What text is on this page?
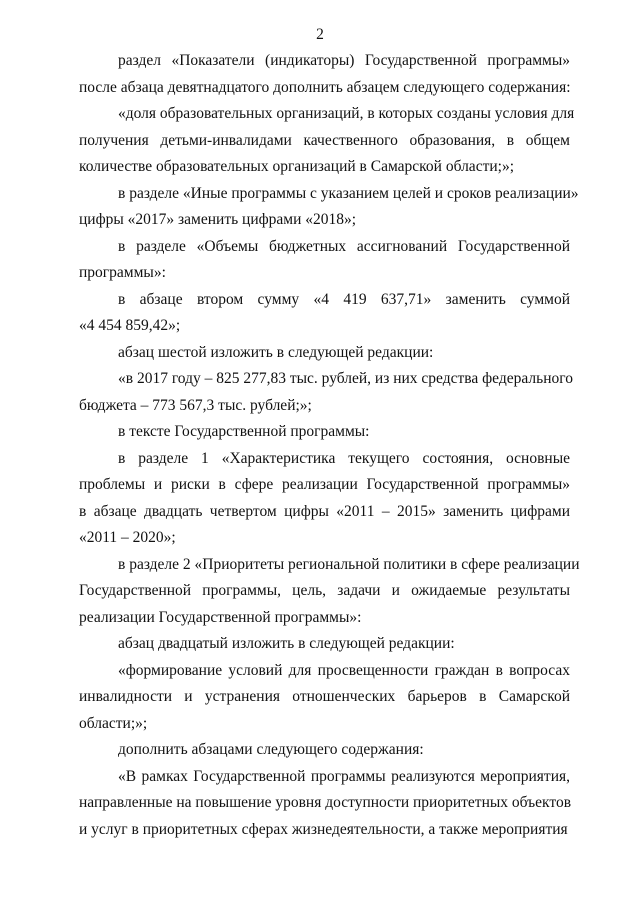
2
раздел «Показатели (индикаторы) Государственной программы»
после абзаца девятнадцатого дополнить абзацем следующего содержания:
«доля образовательных организаций, в которых созданы условия для
получения детьми-инвалидами качественного образования, в общем
количестве образовательных организаций в Самарской области;»;
в разделе «Иные программы с указанием целей и сроков реализации»
цифры «2017» заменить цифрами «2018»;
в разделе «Объемы бюджетных ассигнований Государственной
программы»:
в абзаце втором сумму «4 419 637,71» заменить суммой
«4 454 859,42»;
абзац шестой изложить в следующей редакции:
«в 2017 году – 825 277,83 тыс. рублей, из них средства федерального
бюджета – 773 567,3 тыс. рублей;»;
в тексте Государственной программы:
в разделе 1 «Характеристика текущего состояния, основные
проблемы и риски в сфере реализации Государственной программы»
в абзаце двадцать четвертом цифры «2011 – 2015» заменить цифрами
«2011 – 2020»;
в разделе 2 «Приоритеты региональной политики в сфере реализации
Государственной программы, цель, задачи и ожидаемые результаты
реализации Государственной программы»:
абзац двадцатый изложить в следующей редакции:
«формирование условий для просвещенности граждан в вопросах
инвалидности и устранения отношенческих барьеров в Самарской
области;»;
дополнить абзацами следующего содержания:
«В рамках Государственной программы реализуются мероприятия,
направленные на повышение уровня доступности приоритетных объектов
и услуг в приоритетных сферах жизнедеятельности, а также мероприятия
